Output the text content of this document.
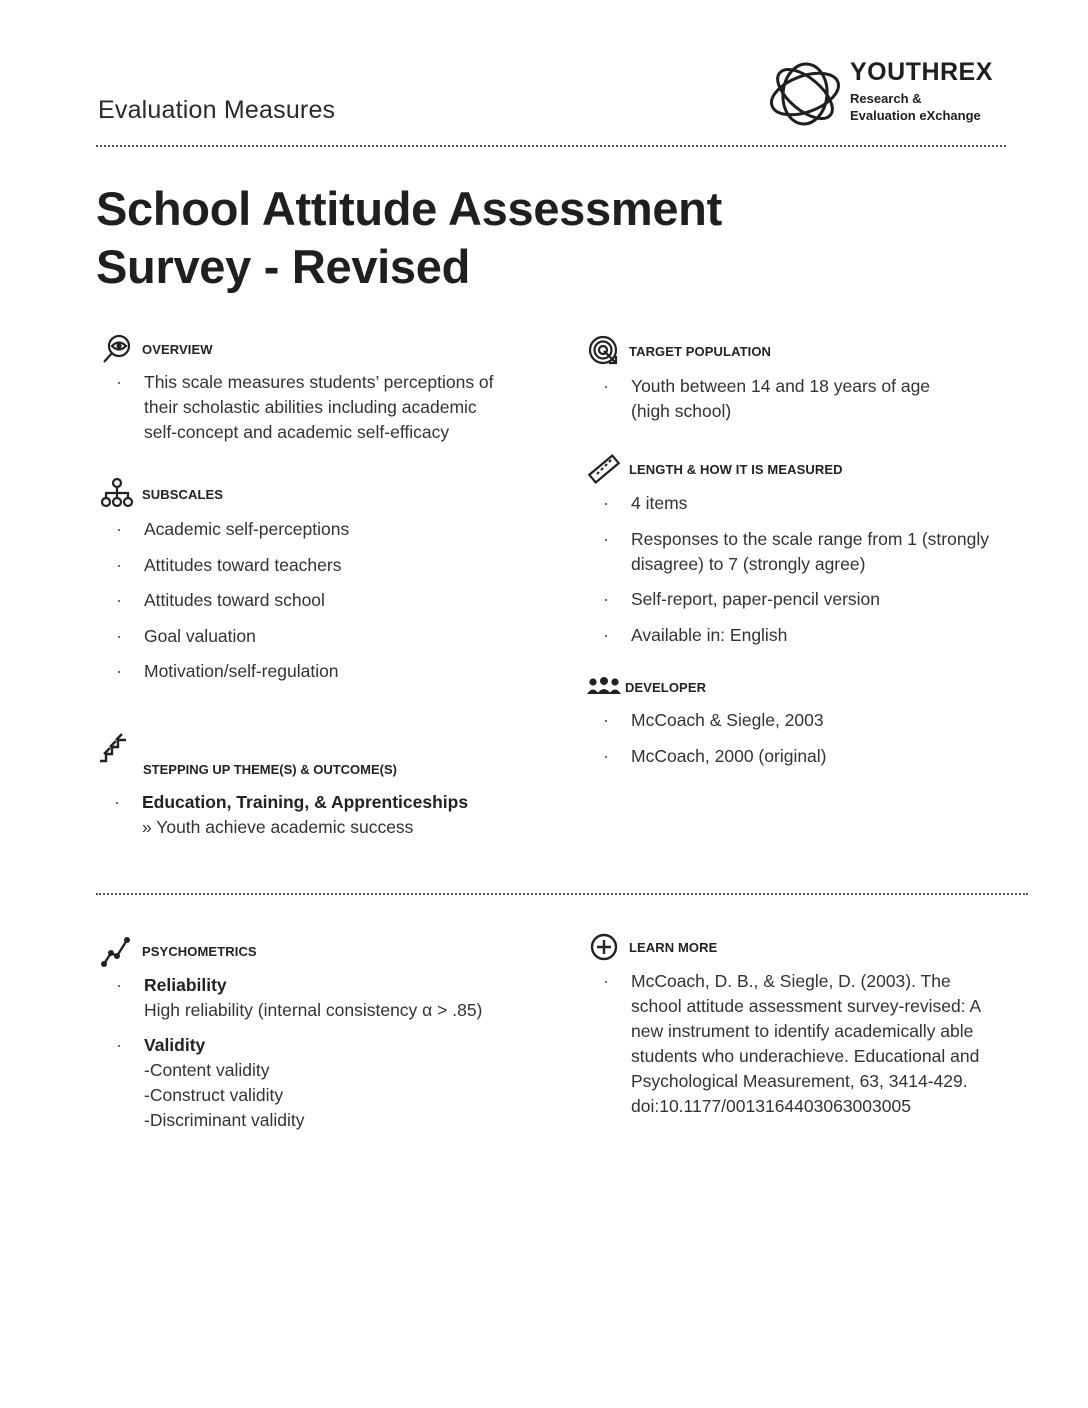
Evaluation Measures
YOUTHREX
Research &
Evaluation eXchange
School Attitude Assessment
Survey - Revised
OVERVIEW
· This scale measures students’ perceptions of their scholastic abilities including academic self-concept and academic self-efficacy
SUBSCALES
· Academic self-perceptions
· Attitudes toward teachers
· Attitudes toward school
· Goal valuation
· Motivation/self-regulation
STEPPING UP THEME(S) & OUTCOME(S)
· Education, Training, & Apprenticeships
» Youth achieve academic success
TARGET POPULATION
· Youth between 14 and 18 years of age (high school)
LENGTH & HOW IT IS MEASURED
· 4 items
· Responses to the scale range from 1 (strongly disagree) to 7 (strongly agree)
· Self-report, paper-pencil version
· Available in: English
DEVELOPER
· McCoach & Siegle, 2003
· McCoach, 2000 (original)
PSYCHOMETRICS
· Reliability
High reliability (internal consistency α > .85)
· Validity
-Content validity
-Construct validity
-Discriminant validity
LEARN MORE
· McCoach, D. B., & Siegle, D. (2003). The school attitude assessment survey-revised: A new instrument to identify academically able students who underachieve. Educational and Psychological Measurement, 63, 3414-429. doi:10.1177/0013164403063003005
